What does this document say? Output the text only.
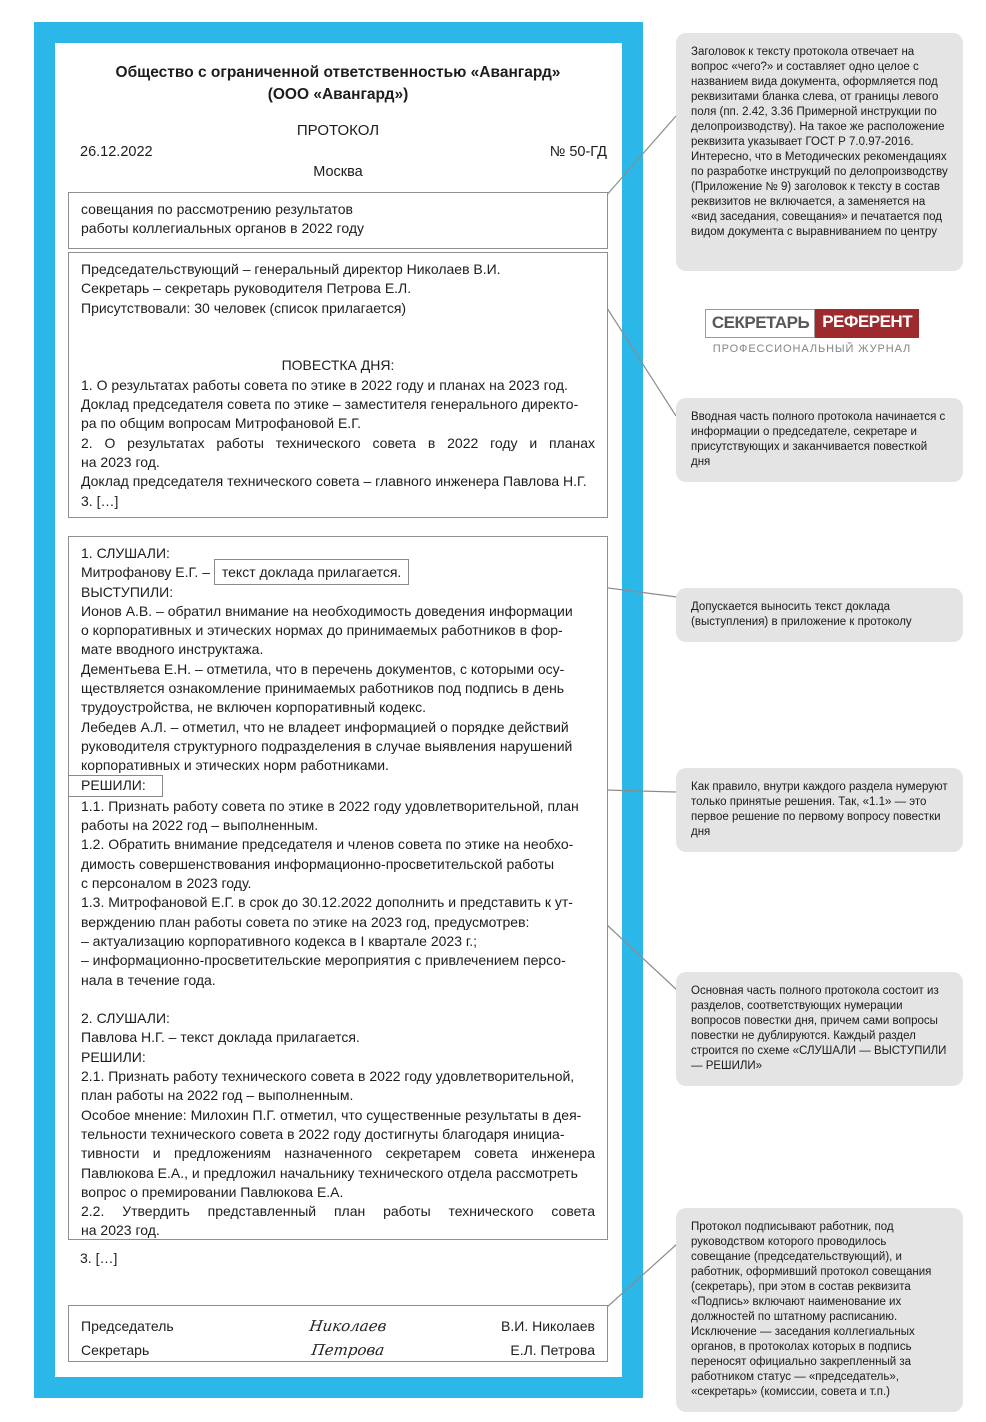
Общество с ограниченной ответственностью «Авангард»
(ООО «Авангард»)
ПРОТОКОЛ
26.12.2022	№ 50-ГД
Москва
совещания по рассмотрению результатов
работы коллегиальных органов в 2022 году
Председательствующий – генеральный директор Николаев В.И.
Секретарь – секретарь руководителя Петрова Е.Л.
Присутствовали: 30 человек (список прилагается)

ПОВЕСТКА ДНЯ:
1. О результатах работы совета по этике в 2022 году и планах на 2023 год.
Доклад председателя совета по этике – заместителя генерального директо-
ра по общим вопросам Митрофановой Е.Г.
2. О результатах работы технического совета в 2022 году и планах
на 2023 год.
Доклад председателя технического совета – главного инженера Павлова Н.Г.
3. […]
1. СЛУШАЛИ:
Митрофанову Е.Г. – текст доклада прилагается.
ВЫСТУПИЛИ:
Ионов А.В. – обратил внимание на необходимость доведения информации
о корпоративных и этических нормах до принимаемых работников в фор-
мате вводного инструктажа.
Дементьева Е.Н. – отметила, что в перечень документов, с которыми осу-
ществляется ознакомление принимаемых работников под подпись в день
трудоустройства, не включен корпоративный кодекс.
Лебедев А.Л. – отметил, что не владеет информацией о порядке действий
руководителя структурного подразделения в случае выявления нарушений
корпоративных и этических норм работниками.
РЕШИЛИ:
1.1. Признать работу совета по этике в 2022 году удовлетворительной, план
работы на 2022 год – выполненным.
1.2. Обратить внимание председателя и членов совета по этике на необхо-
димость совершенствования информационно-просветительской работы
с персоналом в 2023 году.
1.3. Митрофановой Е.Г. в срок до 30.12.2022 дополнить и представить к ут-
верждению план работы совета по этике на 2023 год, предусмотрев:
– актуализацию корпоративного кодекса в I квартале 2023 г.;
– информационно-просветительские мероприятия с привлечением персо-
нала в течение года.

2. СЛУШАЛИ:
Павлова Н.Г. – текст доклада прилагается.
РЕШИЛИ:
2.1. Признать работу технического совета в 2022 году удовлетворительной,
план работы на 2022 год – выполненным.
Особое мнение: Милохин П.Г. отметил, что существенные результаты в дея-
тельности технического совета в 2022 году достигнуты благодаря инициа-
тивности и предложениям назначенного секретарем совета инженера
Павлюкова Е.А., и предложил начальнику технического отдела рассмотреть
вопрос о премировании Павлюкова Е.А.
2.2. Утвердить представленный план работы технического совета
на 2023 год.
3. […]
Председатель	Николаев	В.И. Николаев
Секретарь	Петрова	Е.Л. Петрова
Заголовок к тексту протокола отвечает на вопрос «чего?» и составляет одно целое с названием вида документа, оформляется под реквизитами бланка слева, от границы левого поля (пп. 2.42, 3.36 Примерной инструкции по делопроизводству). На такое же расположение реквизита указывает ГОСТ Р 7.0.97-2016. Интересно, что в Методических рекомендациях по разработке инструкций по делопроизводству (Приложение № 9) заголовок к тексту в состав реквизитов не включается, а заменяется на «вид заседания, совещания» и печатается под видом документа с выравниванием по центру
СЕКРЕТАРЬ РЕФЕРЕНТ
ПРОФЕССИОНАЛЬНЫЙ ЖУРНАЛ
Вводная часть полного протокола начинается с информации о председателе, секретаре и присутствующих и заканчивается повесткой дня
Допускается выносить текст доклада (выступления) в приложение к протоколу
Как правило, внутри каждого раздела нумеруют только принятые решения. Так, «1.1» — это первое решение по первому вопросу повестки дня
Основная часть полного протокола состоит из разделов, соответствующих нумерации вопросов повестки дня, причем сами вопросы повестки не дублируются. Каждый раздел строится по схеме «СЛУШАЛИ — ВЫСТУПИЛИ — РЕШИЛИ»
Протокол подписывают работник, под руководством которого проводилось совещание (председательствующий), и работник, оформивший протокол совещания (секретарь), при этом в состав реквизита «Подпись» включают наименование их должностей по штатному расписанию. Исключение — заседания коллегиальных органов, в протоколах которых в подпись переносят официально закрепленный за работником статус — «председатель», «секретарь» (комиссии, совета и т.п.)
